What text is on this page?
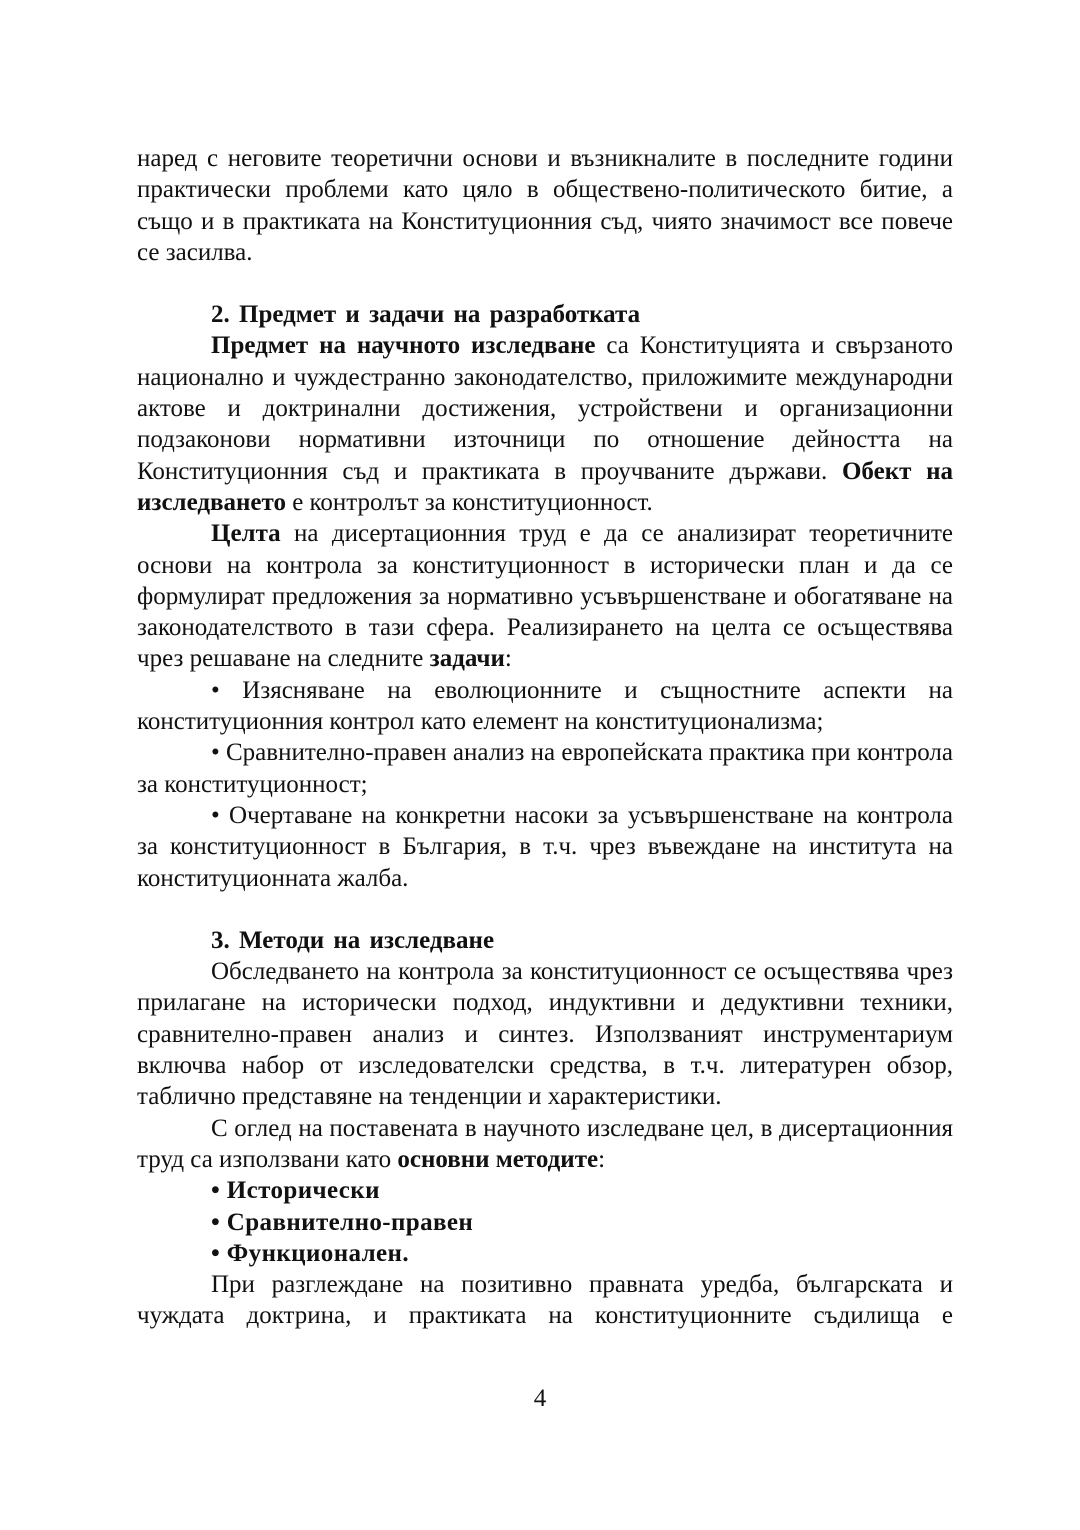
наред с неговите теоретични основи и възникналите в последните години практически проблеми като цяло в обществено-политическото битие, а също и в практиката на Конституционния съд, чиято значимост все повече се засилва.

2. Предмет и задачи на разработката

Предмет на научното изследване са Конституцията и свързаното национално и чуждестранно законодателство, приложимите международни актове и доктринални достижения, устройствени и организационни подзаконови нормативни източници по отношение дейността на Конституционния съд и практиката в проучваните държави. Обект на изследването е контролът за конституционност.

Целта на дисертационния труд е да се анализират теоретичните основи на контрола за конституционност в исторически план и да се формулират предложения за нормативно усъвършенстване и обогатяване на законодателството в тази сфера. Реализирането на целта се осъществява чрез решаване на следните задачи:

• Изясняване на еволюционните и същностните аспекти на конституционния контрол като елемент на конституционализма;

• Сравнително-правен анализ на европейската практика при контрола за конституционност;

• Очертаване на конкретни насоки за усъвършенстване на контрола за конституционност в България, в т.ч. чрез въвеждане на института на конституционната жалба.

3. Методи на изследване

Обследването на контрола за конституционност се осъществява чрез прилагане на исторически подход, индуктивни и дедуктивни техники, сравнително-правен анализ и синтез. Използваният инструментариум включва набор от изследователски средства, в т.ч. литературен обзор, таблично представяне на тенденции и характеристики.

С оглед на поставената в научното изследване цел, в дисертационния труд са използвани като основни методите:

• Исторически

• Сравнително-правен

• Функционален.

При разглеждане на позитивно правната уредба, българската и чуждата доктрина, и практиката на конституционните съдилища е

4
